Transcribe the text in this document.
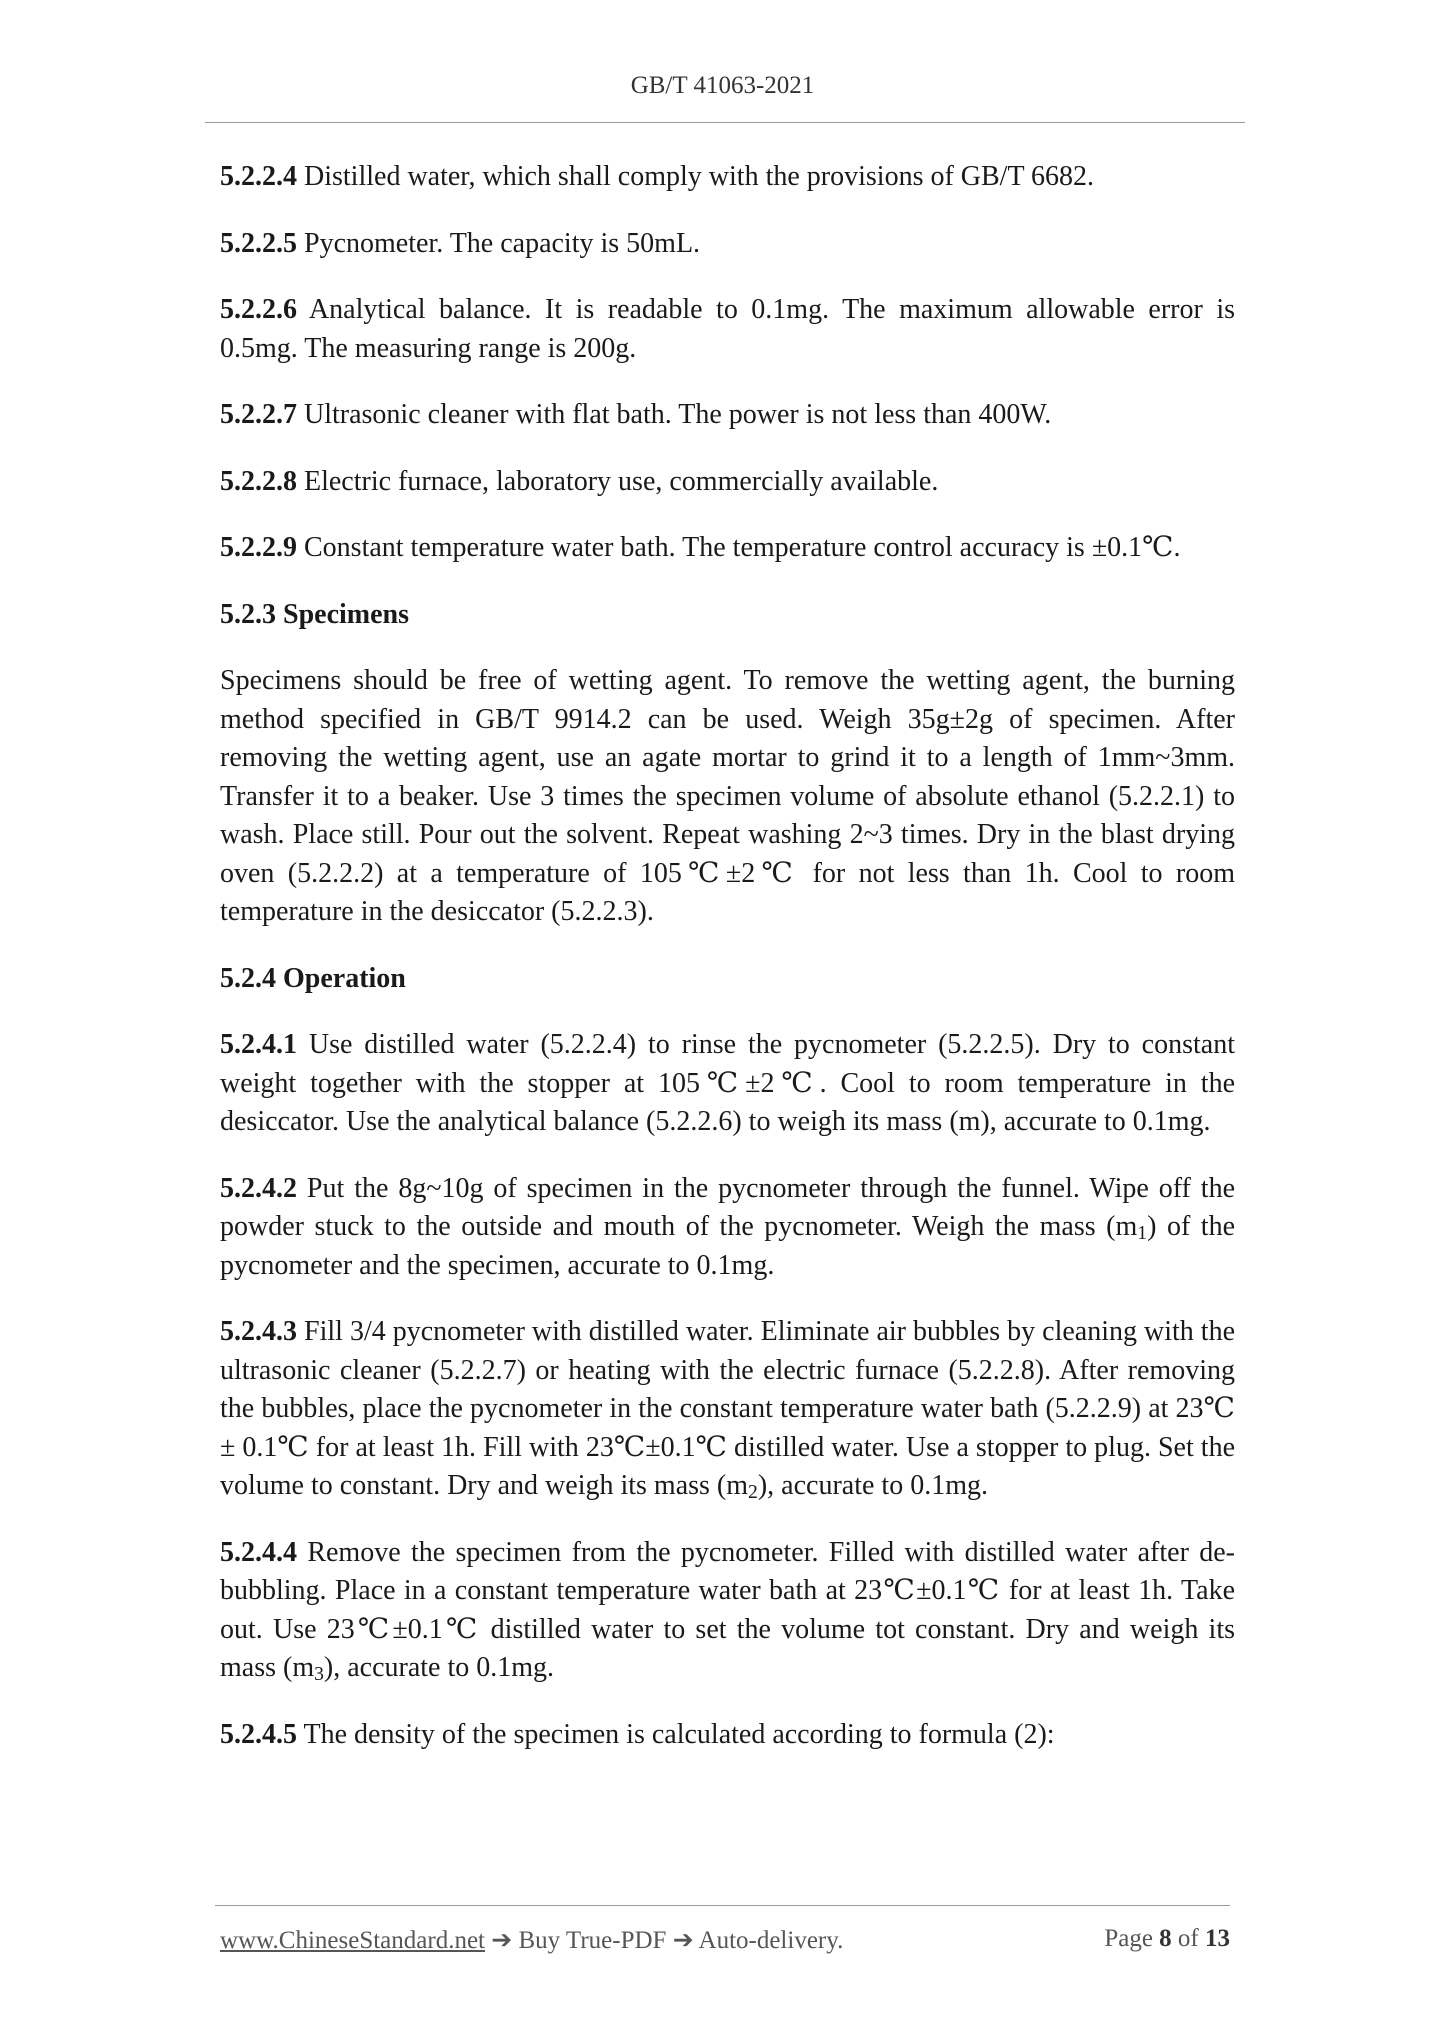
GB/T 41063-2021

5.2.2.4 Distilled water, which shall comply with the provisions of GB/T 6682.

5.2.2.5 Pycnometer. The capacity is 50mL.

5.2.2.6 Analytical balance. It is readable to 0.1mg. The maximum allowable error is 0.5mg. The measuring range is 200g.

5.2.2.7 Ultrasonic cleaner with flat bath. The power is not less than 400W.

5.2.2.8 Electric furnace, laboratory use, commercially available.

5.2.2.9 Constant temperature water bath. The temperature control accuracy is ±0.1℃.

5.2.3 Specimens

Specimens should be free of wetting agent. To remove the wetting agent, the burning method specified in GB/T 9914.2 can be used. Weigh 35g±2g of specimen. After removing the wetting agent, use an agate mortar to grind it to a length of 1mm~3mm. Transfer it to a beaker. Use 3 times the specimen volume of absolute ethanol (5.2.2.1) to wash. Place still. Pour out the solvent. Repeat washing 2~3 times. Dry in the blast drying oven (5.2.2.2) at a temperature of 105℃±2℃ for not less than 1h. Cool to room temperature in the desiccator (5.2.2.3).

5.2.4 Operation

5.2.4.1 Use distilled water (5.2.2.4) to rinse the pycnometer (5.2.2.5). Dry to constant weight together with the stopper at 105℃±2℃. Cool to room temperature in the desiccator. Use the analytical balance (5.2.2.6) to weigh its mass (m), accurate to 0.1mg.

5.2.4.2 Put the 8g~10g of specimen in the pycnometer through the funnel. Wipe off the powder stuck to the outside and mouth of the pycnometer. Weigh the mass (m1) of the pycnometer and the specimen, accurate to 0.1mg.

5.2.4.3 Fill 3/4 pycnometer with distilled water. Eliminate air bubbles by cleaning with the ultrasonic cleaner (5.2.2.7) or heating with the electric furnace (5.2.2.8). After removing the bubbles, place the pycnometer in the constant temperature water bath (5.2.2.9) at 23℃ ± 0.1℃ for at least 1h. Fill with 23℃±0.1℃ distilled water. Use a stopper to plug. Set the volume to constant. Dry and weigh its mass (m2), accurate to 0.1mg.

5.2.4.4 Remove the specimen from the pycnometer. Filled with distilled water after de-bubbling. Place in a constant temperature water bath at 23℃±0.1℃ for at least 1h. Take out. Use 23℃±0.1℃ distilled water to set the volume tot constant. Dry and weigh its mass (m3), accurate to 0.1mg.

5.2.4.5 The density of the specimen is calculated according to formula (2):

www.ChineseStandard.net ➔ Buy True-PDF ➔ Auto-delivery.	Page 8 of 13
